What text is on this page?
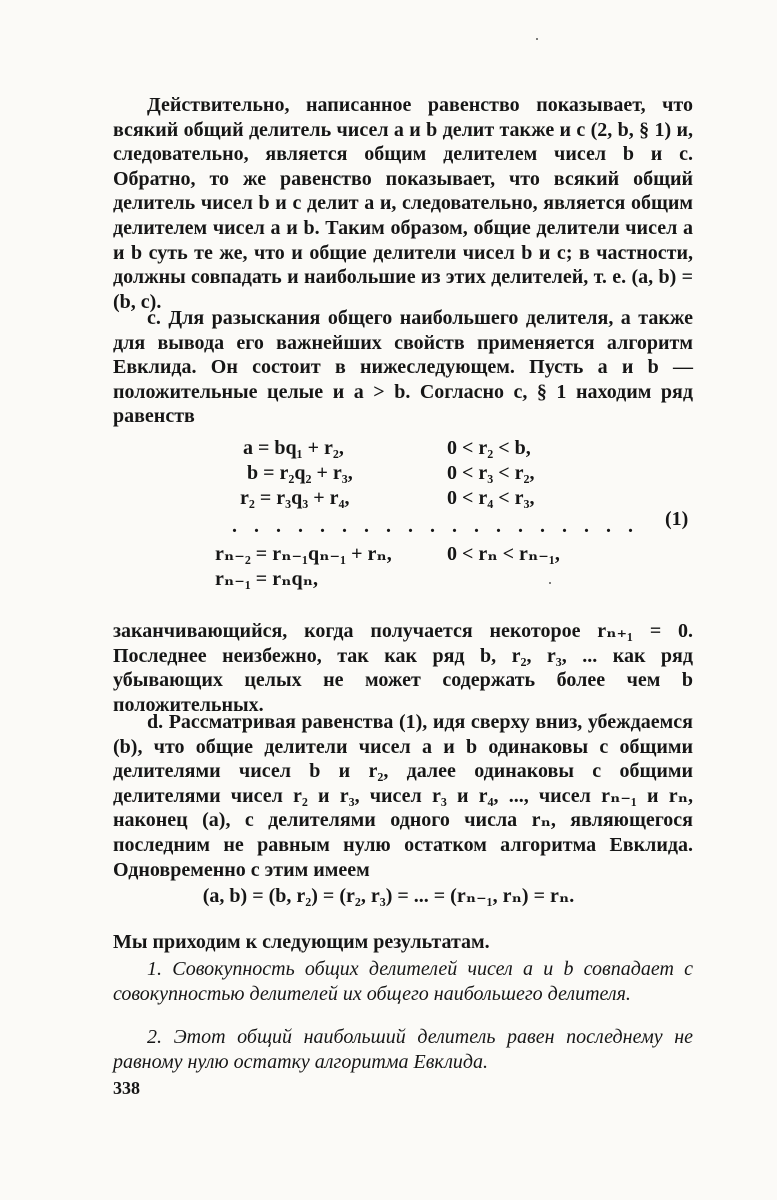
Действительно, написанное равенство показывает, что всякий общий делитель чисел a и b делит также и c (2, b, § 1) и, следовательно, является общим делителем чисел b и c. Обратно, то же равенство показывает, что всякий общий делитель чисел b и c делит a и, следовательно, является общим делителем чисел a и b. Таким образом, общие делители чисел a и b суть те же, что и общие делители чисел b и c; в частности, должны совпадать и наибольшие из этих делителей, т. е. (a, b) = (b, c).

c. Для разыскания общего наибольшего делителя, а также для вывода его важнейших свойств применяется алгоритм Евклида. Он состоит в нижеследующем. Пусть a и b — положительные целые и a > b. Согласно c, § 1 находим ряд равенств

a = bq₁ + r₂,
b = r₂q₂ + r₃,
r₂ = r₃q₃ + r₄,
rₙ₋₂ = rₙ₋₁qₙ₋₁ + rₙ,
rₙ₋₁ = rₙqₙ,
0 < r₂ < b,
0 < r₃ < r₂,
0 < r₄ < r₃,
0 < rₙ < rₙ₋₁,
. . . . . . . . . . . . . . . . . . . (1)

заканчивающийся, когда получается некоторое rₙ₊₁ = 0. Последнее неизбежно, так как ряд b, r₂, r₃, ... как ряд убывающих целых не может содержать более чем b положительных.

d. Рассматривая равенства (1), идя сверху вниз, убеждаемся (b), что общие делители чисел a и b одинаковы с общими делителями чисел b и r₂, далее одинаковы с общими делителями чисел r₂ и r₃, чисел r₃ и r₄, ..., чисел rₙ₋₁ и rₙ, наконец (a), с делителями одного числа rₙ, являющегося последним не равным нулю остатком алгоритма Евклида. Одновременно с этим имеем

(a, b) = (b, r₂) = (r₂, r₃) = ... = (rₙ₋₁, rₙ) = rₙ.

Мы приходим к следующим результатам.

1. Совокупность общих делителей чисел a и b совпадает с совокупностью делителей их общего наибольшего делителя.

2. Этот общий наибольший делитель равен последнему не равному нулю остатку алгоритма Евклида.

338
